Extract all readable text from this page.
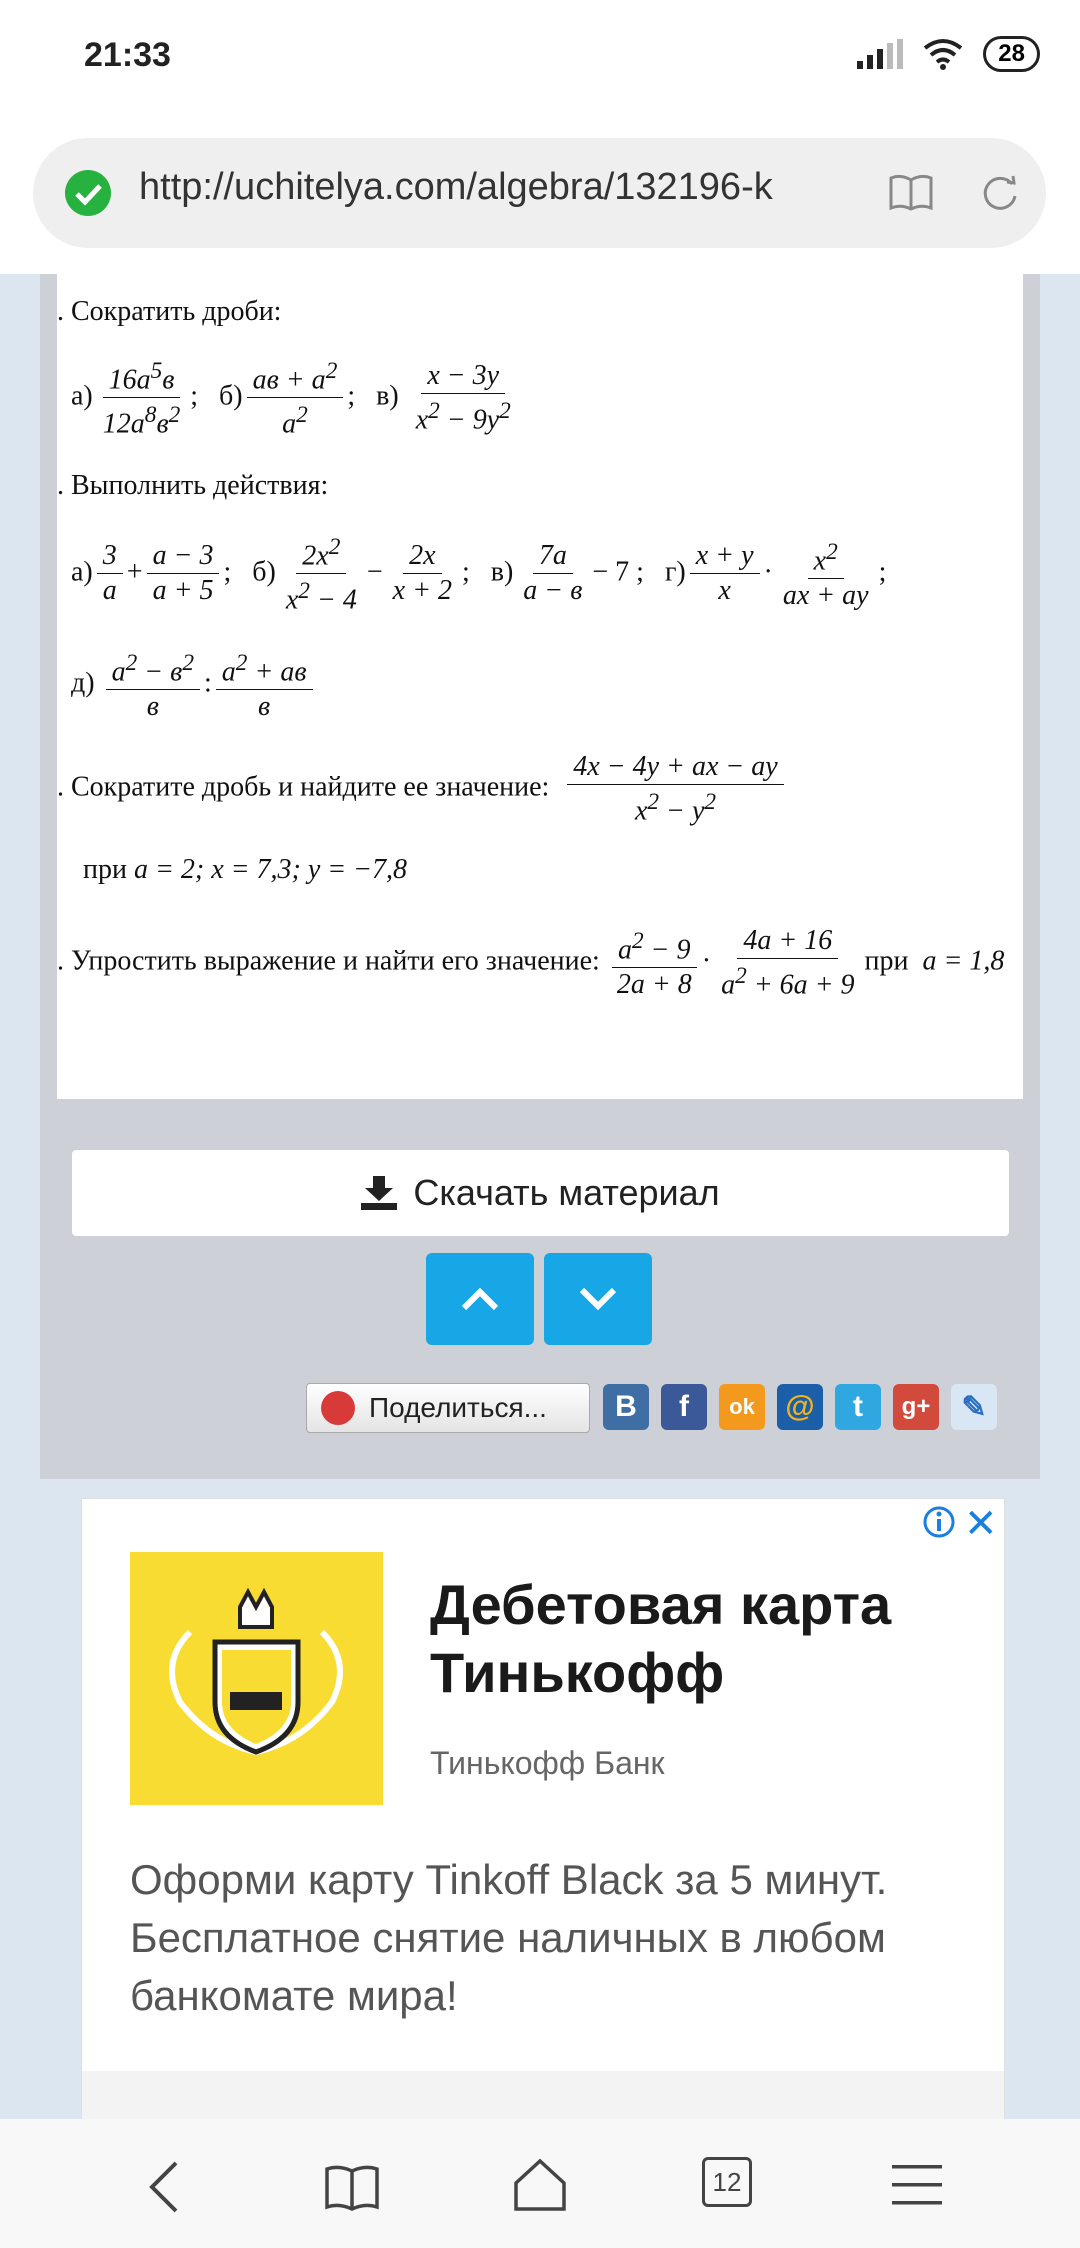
21:33	28
http://uchitelya.com/algebra/132196-k
. Сократить дроби:
$а) \frac{16a^5в}{12a^8в^2}$ ;   $б) \frac{aв + a^2}{a^2}$ ;   $в) \frac{x - 3y}{x^2 - 9y^2}$
. Выполнить действия:
$а) \frac{3}{a} + \frac{a - 3}{a + 5}$ ;   $б) \frac{2x^2}{x^2 - 4} - \frac{2x}{x + 2}$ ;   $в) \frac{7a}{a - в} - 7$ ;   $г) \frac{x + y}{x} \cdot \frac{x^2}{ax + ay}$ ;
$д) \frac{a^2 - в^2}{в}$ : $\frac{a^2 + aв}{в}$
. Сократите дробь и найдите ее значение: $\frac{4x - 4y + ax - ay}{x^2 - y^2}$
при a = 2; x = 7,3; y = −7,8
. Упростить выражение и найти его значение: $\frac{a^2 - 9}{2a + 8} \cdot \frac{4a + 16}{a^2 + 6a + 9}$ при a = 1,8
Скачать материал
Поделиться...	В	f	ok	@	t	g+	✎
✕
Дебетовая карта Тинькофф
Тинькофф Банк
Оформи карту Tinkoff Black за 5 минут. Бесплатное снятие наличных в любом банкомате мира!
12
